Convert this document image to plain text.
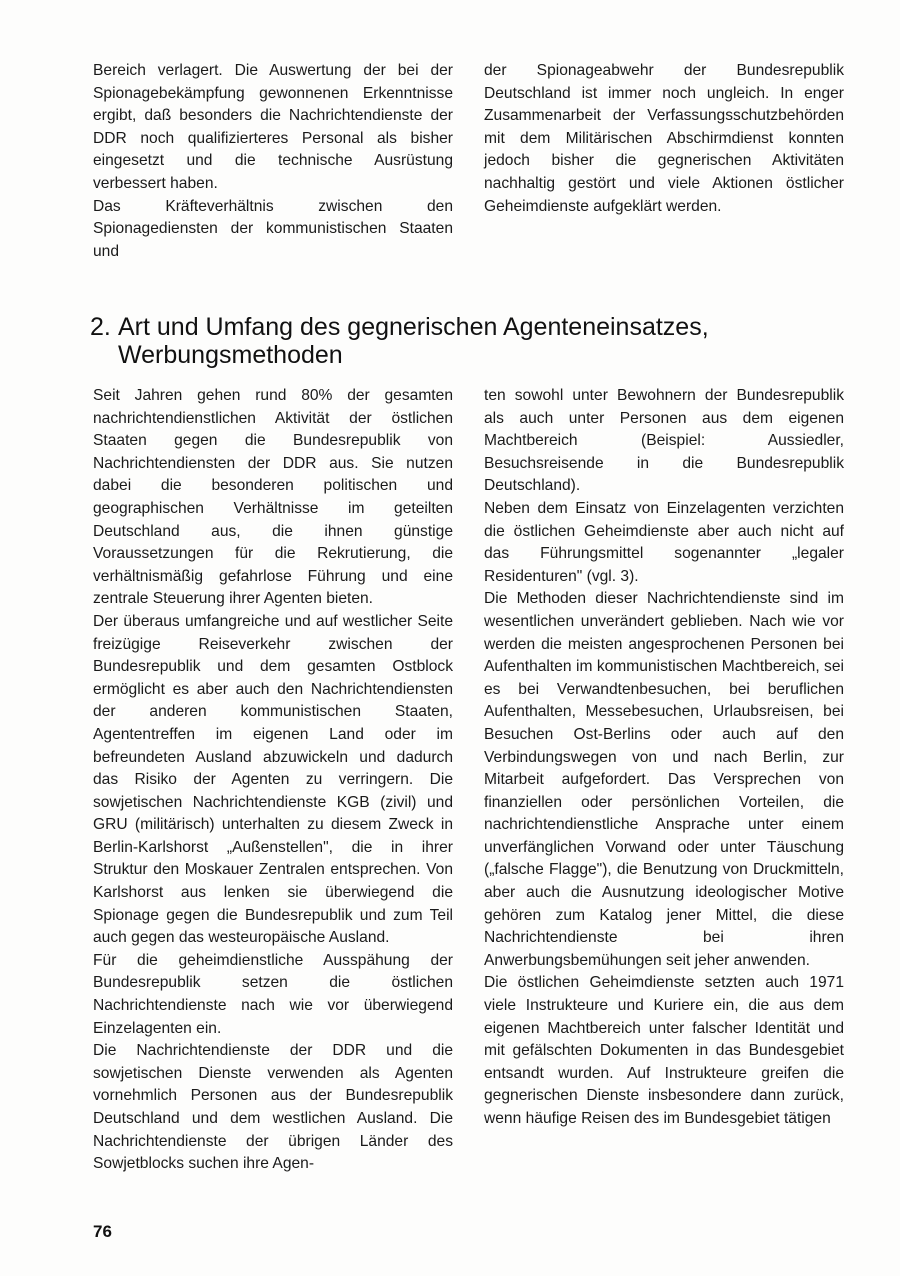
Bereich verlagert. Die Auswertung der bei der Spionagebekämpfung gewonnenen Erkenntnisse ergibt, daß besonders die Nachrichtendienste der DDR noch qualifizierteres Personal als bisher eingesetzt und die technische Ausrüstung verbessert haben.

Das Kräfteverhältnis zwischen den Spionagediensten der kommunistischen Staaten und

der Spionageabwehr der Bundesrepublik Deutschland ist immer noch ungleich. In enger Zusammenarbeit der Verfassungsschutzbehörden mit dem Militärischen Abschirmdienst konnten jedoch bisher die gegnerischen Aktivitäten nachhaltig gestört und viele Aktionen östlicher Geheimdienste aufgeklärt werden.

2. Art und Umfang des gegnerischen Agenteneinsatzes,
Werbungsmethoden

Seit Jahren gehen rund 80% der gesamten nachrichtendienstlichen Aktivität der östlichen Staaten gegen die Bundesrepublik von Nachrichtendiensten der DDR aus. Sie nutzen dabei die besonderen politischen und geographischen Verhältnisse im geteilten Deutschland aus, die ihnen günstige Voraussetzungen für die Rekrutierung, die verhältnismäßig gefahrlose Führung und eine zentrale Steuerung ihrer Agenten bieten.

Der überaus umfangreiche und auf westlicher Seite freizügige Reiseverkehr zwischen der Bundesrepublik und dem gesamten Ostblock ermöglicht es aber auch den Nachrichtendiensten der anderen kommunistischen Staaten, Agententreffen im eigenen Land oder im befreundeten Ausland abzuwickeln und dadurch das Risiko der Agenten zu verringern. Die sowjetischen Nachrichtendienste KGB (zivil) und GRU (militärisch) unterhalten zu diesem Zweck in Berlin-Karlshorst „Außenstellen", die in ihrer Struktur den Moskauer Zentralen entsprechen. Von Karlshorst aus lenken sie überwiegend die Spionage gegen die Bundesrepublik und zum Teil auch gegen das westeuropäische Ausland.

Für die geheimdienstliche Ausspähung der Bundesrepublik setzen die östlichen Nachrichtendienste nach wie vor überwiegend Einzelagenten ein.

Die Nachrichtendienste der DDR und die sowjetischen Dienste verwenden als Agenten vornehmlich Personen aus der Bundesrepublik Deutschland und dem westlichen Ausland. Die Nachrichtendienste der übrigen Länder des Sowjetblocks suchen ihre Agen-

ten sowohl unter Bewohnern der Bundesrepublik als auch unter Personen aus dem eigenen Machtbereich (Beispiel: Aussiedler, Besuchsreisende in die Bundesrepublik Deutschland).

Neben dem Einsatz von Einzelagenten verzichten die östlichen Geheimdienste aber auch nicht auf das Führungsmittel sogenannter „legaler Residenturen" (vgl. 3).

Die Methoden dieser Nachrichtendienste sind im wesentlichen unverändert geblieben. Nach wie vor werden die meisten angesprochenen Personen bei Aufenthalten im kommunistischen Machtbereich, sei es bei Verwandtenbesuchen, bei beruflichen Aufenthalten, Messebesuchen, Urlaubsreisen, bei Besuchen Ost-Berlins oder auch auf den Verbindungswegen von und nach Berlin, zur Mitarbeit aufgefordert. Das Versprechen von finanziellen oder persönlichen Vorteilen, die nachrichtendienstliche Ansprache unter einem unverfänglichen Vorwand oder unter Täuschung („falsche Flagge"), die Benutzung von Druckmitteln, aber auch die Ausnutzung ideologischer Motive gehören zum Katalog jener Mittel, die diese Nachrichtendienste bei ihren Anwerbungsbemühungen seit jeher anwenden.

Die östlichen Geheimdienste setzten auch 1971 viele Instrukteure und Kuriere ein, die aus dem eigenen Machtbereich unter falscher Identität und mit gefälschten Dokumenten in das Bundesgebiet entsandt wurden. Auf Instrukteure greifen die gegnerischen Dienste insbesondere dann zurück, wenn häufige Reisen des im Bundesgebiet tätigen

76
